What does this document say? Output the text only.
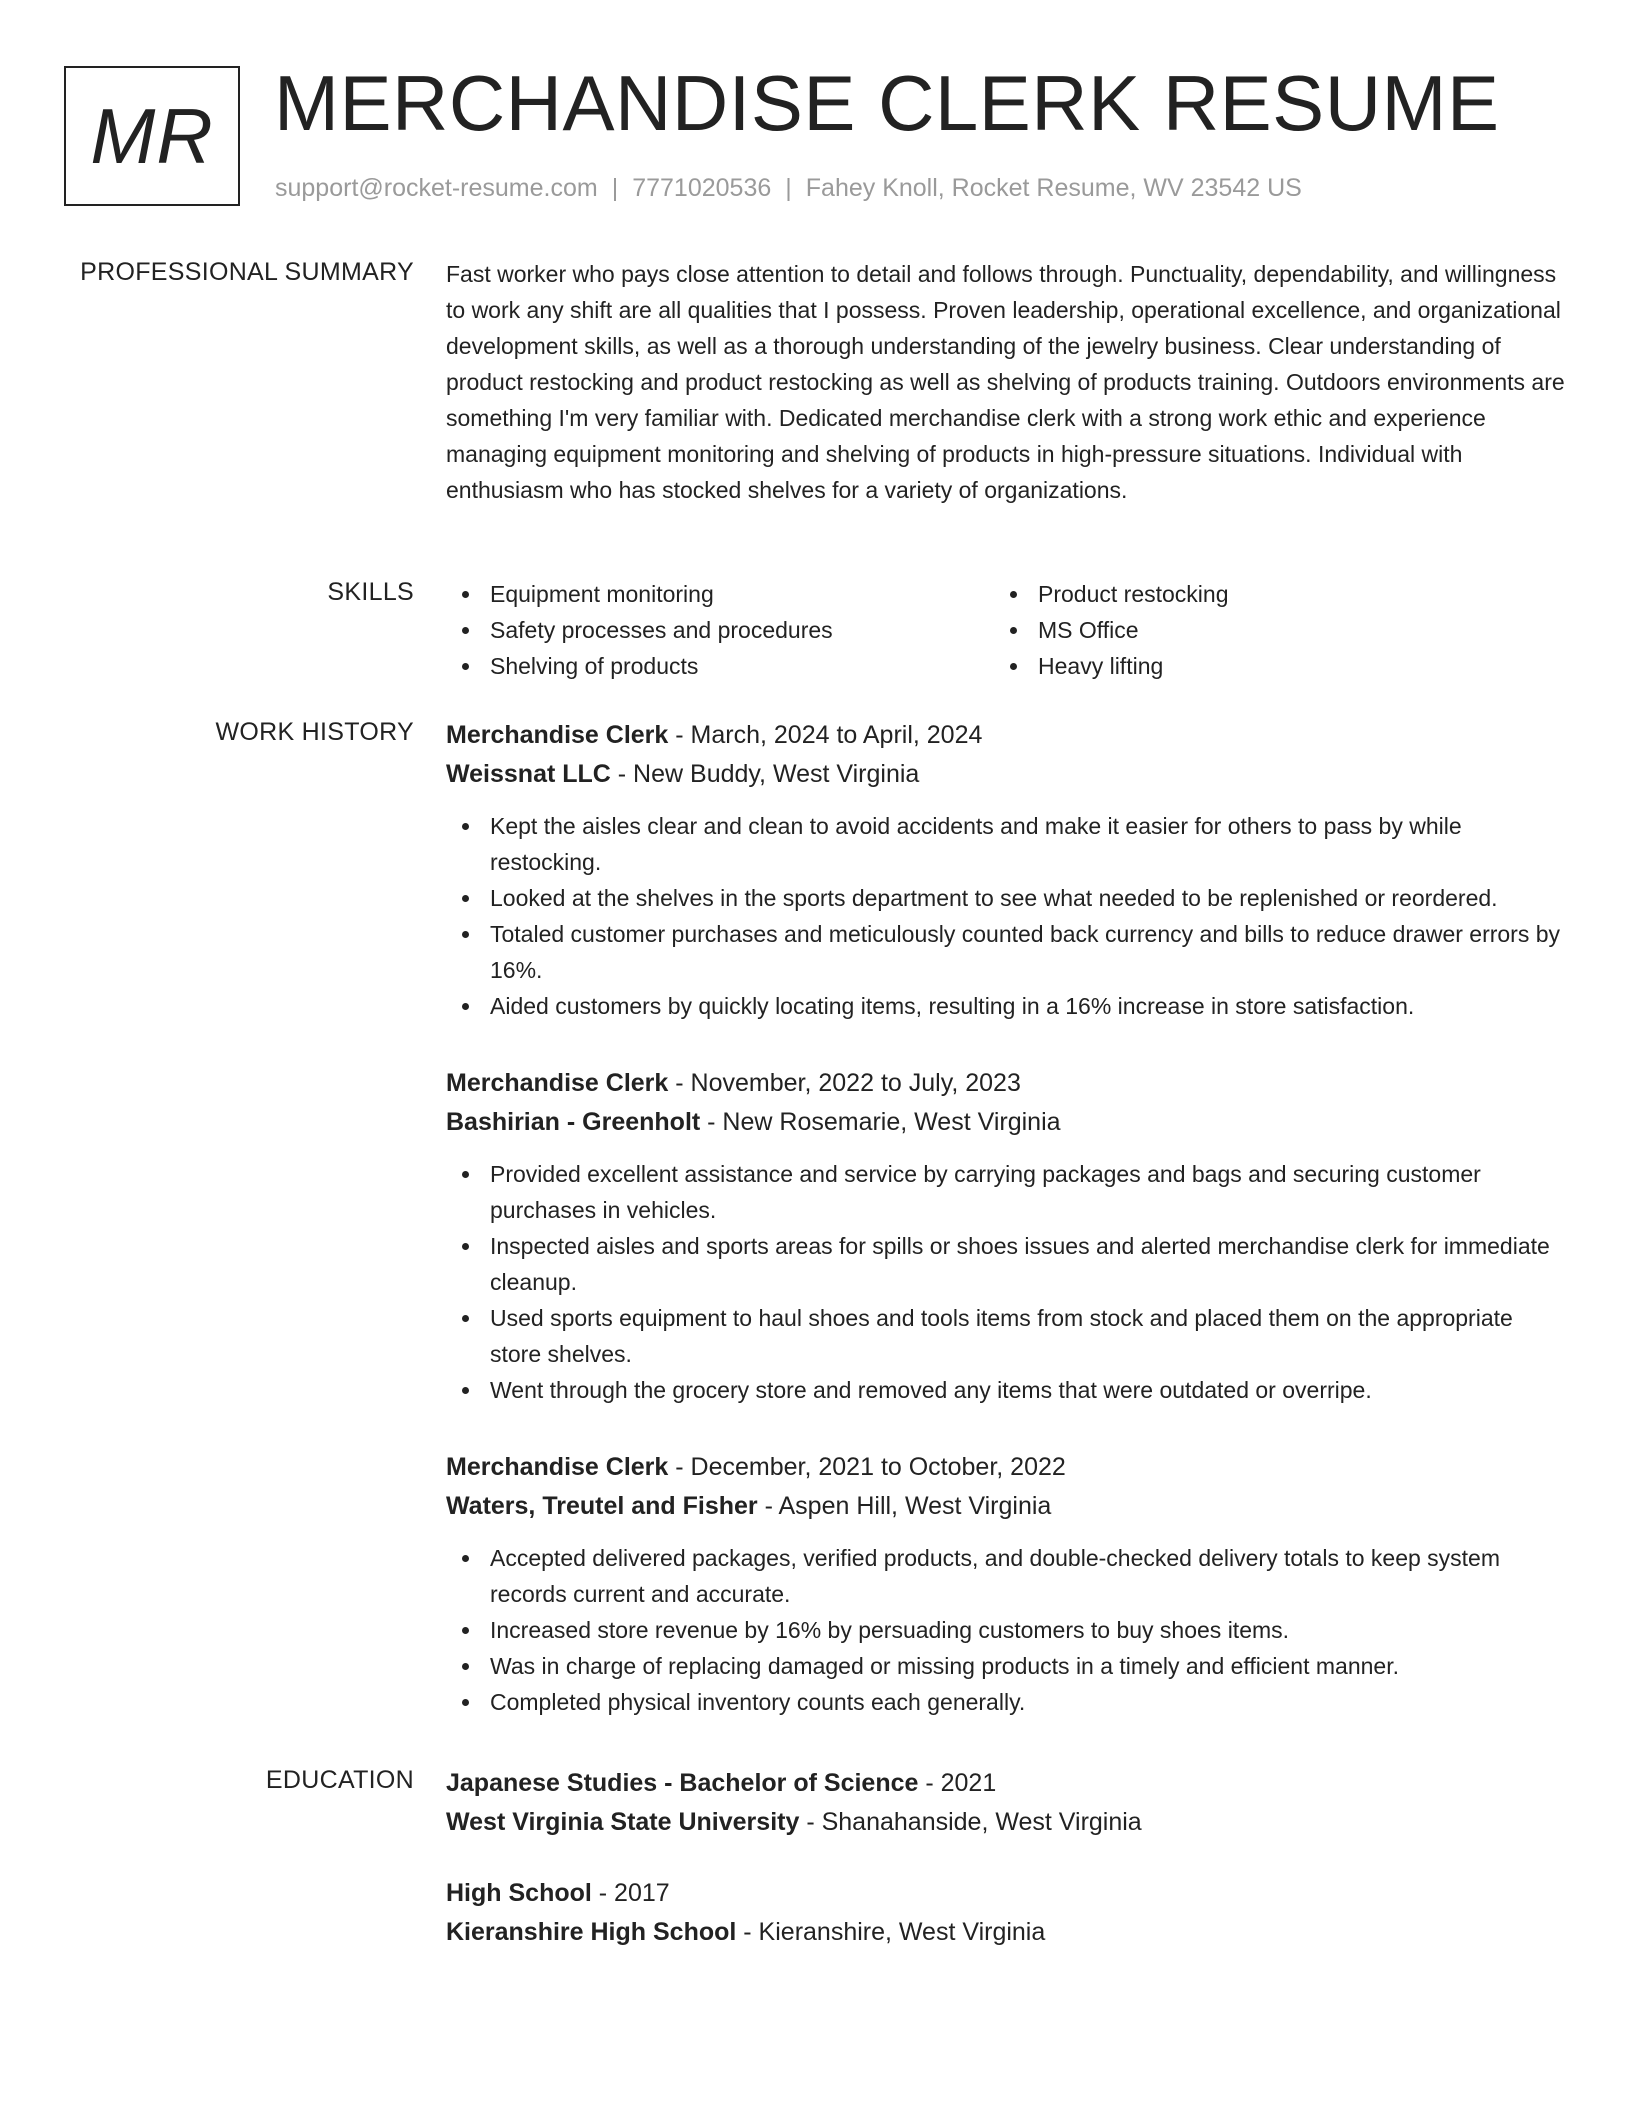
MR MERCHANDISE CLERK RESUME
support@rocket-resume.com | 7771020536 | Fahey Knoll, Rocket Resume, WV 23542 US
PROFESSIONAL SUMMARY Fast worker who pays close attention to detail and follows through. Punctuality, dependability, and willingness to work any shift are all qualities that I possess. Proven leadership, operational excellence, and organizational development skills, as well as a thorough understanding of the jewelry business. Clear understanding of product restocking and product restocking as well as shelving of products training. Outdoors environments are something I'm very familiar with. Dedicated merchandise clerk with a strong work ethic and experience managing equipment monitoring and shelving of products in high-pressure situations. Individual with enthusiasm who has stocked shelves for a variety of organizations.

SKILLS	Equipment monitoring	Product restocking
Safety processes and procedures	MS Office
Shelving of products	Heavy lifting
WORK HISTORY Merchandise Clerk - March, 2024 to April, 2024
Weissnat LLC - New Buddy, West Virginia
Kept the aisles clear and clean to avoid accidents and make it easier for others to pass by while restocking.
Looked at the shelves in the sports department to see what needed to be replenished or reordered.
Totaled customer purchases and meticulously counted back currency and bills to reduce drawer errors by 16%.
Aided customers by quickly locating items, resulting in a 16% increase in store satisfaction.
Merchandise Clerk - November, 2022 to July, 2023
Bashirian - Greenholt - New Rosemarie, West Virginia
Provided excellent assistance and service by carrying packages and bags and securing customer purchases in vehicles.
Inspected aisles and sports areas for spills or shoes issues and alerted merchandise clerk for immediate cleanup.
Used sports equipment to haul shoes and tools items from stock and placed them on the appropriate store shelves.
Went through the grocery store and removed any items that were outdated or overripe.
Merchandise Clerk - December, 2021 to October, 2022
Waters, Treutel and Fisher - Aspen Hill, West Virginia
Accepted delivered packages, verified products, and double-checked delivery totals to keep system records current and accurate.
Increased store revenue by 16% by persuading customers to buy shoes items.
Was in charge of replacing damaged or missing products in a timely and efficient manner.
Completed physical inventory counts each generally.
EDUCATION Japanese Studies - Bachelor of Science - 2021
West Virginia State University - Shanahanside, West Virginia
High School - 2017
Kieranshire High School - Kieranshire, West Virginia
